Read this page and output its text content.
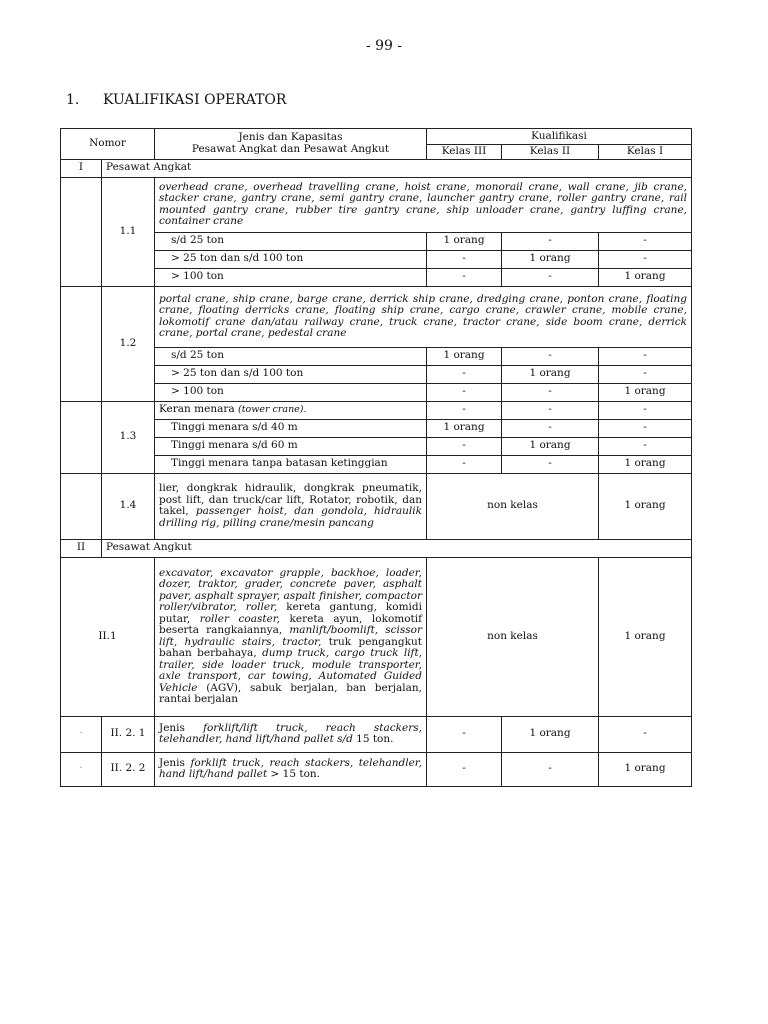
- 99 -
1. KUALIFIKASI OPERATOR
Nomor		Jenis dan Kapasitas
Pesawat Angkat dan Pesawat Angkut	Kualifikasi		
			Kelas III	Kelas II	Kelas I
I	Pesawat Angkat				
	1.1	overhead crane, overhead travelling crane, hoist crane, monorail crane, wall crane, jib crane, stacker crane, gantry crane, semi gantry crane, launcher gantry crane, roller gantry crane, rail mounted gantry crane, rubber tire gantry crane, ship unloader crane, gantry luffing crane, container crane			
		s/d 25 ton	1 orang	-	-
		> 25 ton dan s/d 100 ton	-	1 orang	-
		> 100 ton	-	-	1 orang
	1.2	portal crane, ship crane, barge crane, derrick ship crane, dredging crane, ponton crane, floating crane, floating derricks crane, floating ship crane, cargo crane, crawler crane, mobile crane, lokomotif crane dan/atau railway crane, truck crane, tractor crane, side boom crane, derrick crane, portal crane, pedestal crane			
		s/d 25 ton	1 orang	-	-
		> 25 ton dan s/d 100 ton	-	1 orang	-
		> 100 ton	-	-	1 orang
	1.3	Keran menara (tower crane).	-	-	-
		Tinggi menara s/d 40 m	1 orang	-	-
		Tinggi menara s/d 60 m	-	1 orang	-
		Tinggi menara tanpa batasan ketinggian	-	-	1 orang
	1.4	lier, dongkrak hidraulik, dongkrak pneumatik, post lift, dan truck/car lift, Rotator, robotik, dan takel, passenger hoist, dan gondola, hidraulik drilling rig, pilling crane/mesin pancang	non kelas		1 orang
II	Pesawat Angkut				
II.1		excavator, excavator grapple, backhoe, loader, dozer, traktor, grader, concrete paver, asphalt paver, asphalt sprayer, aspalt finisher, compactor roller/vibrator, roller, kereta gantung, komidi putar, roller coaster, kereta ayun, lokomotif beserta rangkaiannya, manlift/boomlift, scissor lift, hydraulic stairs, tractor, truk pengangkut bahan berbahaya, dump truck, cargo truck lift, trailer, side loader truck, module transporter, axle transport, car towing, Automated Guided Vehicle (AGV), sabuk berjalan, ban berjalan, rantai berjalan	non kelas		1 orang
·	II. 2. 1	Jenis forklift/lift truck, reach stackers, telehandler, hand lift/hand pallet s/d 15 ton.	-	1 orang	-
·	II. 2. 2	Jenis forklift truck, reach stackers, telehandler, hand lift/hand pallet > 15 ton.	-	-	1 orang
